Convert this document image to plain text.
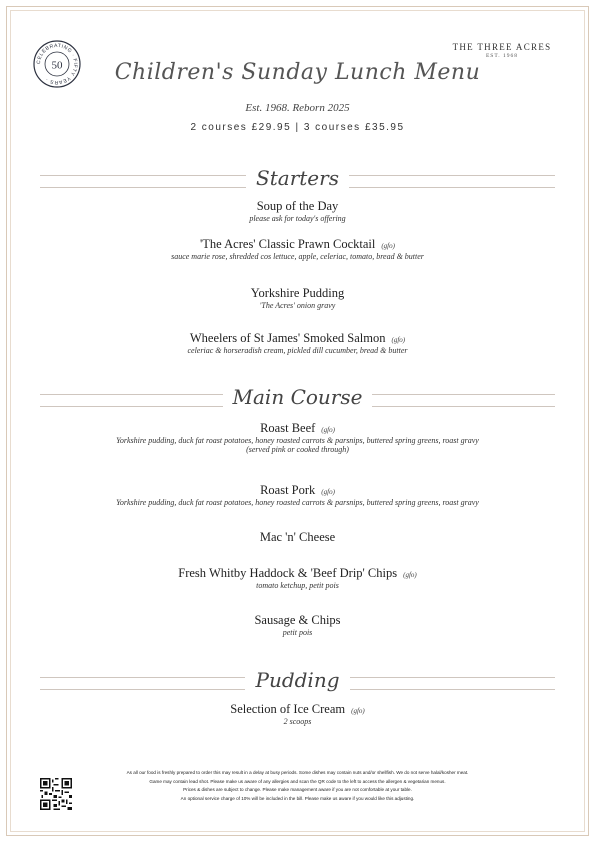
CELEBRATING · FIFTY YEARS ·
50
THE THREE ACRES
EST. 1968
Children's Sunday Lunch Menu
Est. 1968. Reborn 2025
2 courses £29.95 | 3 courses £35.95
Starters
Soup of the Day
please ask for today's offering
'The Acres' Classic Prawn Cocktail (gfo)
sauce marie rose, shredded cos lettuce, apple, celeriac, tomato, bread & butter
Yorkshire Pudding
'The Acres' onion gravy
Wheelers of St James' Smoked Salmon (gfo)
celeriac & horseradish cream, pickled dill cucumber, bread & butter
Main Course
Roast Beef (gfo)
Yorkshire pudding, duck fat roast potatoes, honey roasted carrots & parsnips, buttered spring greens, roast gravy
(served pink or cooked through)
Roast Pork (gfo)
Yorkshire pudding, duck fat roast potatoes, honey roasted carrots & parsnips, buttered spring greens, roast gravy
Mac 'n' Cheese
Fresh Whitby Haddock & 'Beef Drip' Chips (gfo)
tomato ketchup, petit pois
Sausage & Chips
petit pois
Pudding
Selection of Ice Cream (gfo)
2 scoops
As all our food is freshly prepared to order this may result in a delay at busy periods. Some dishes may contain nuts and/or shellfish. We do not serve halal/kosher meat.
Game may contain lead shot. Please make us aware of any allergies and scan the QR code to the left to access the allergen & vegetarian menus.
Prices & dishes are subject to change. Please make management aware if you are not comfortable at your table.
An optional service charge of 10% will be included in the bill. Please make us aware if you would like this adjusting.
